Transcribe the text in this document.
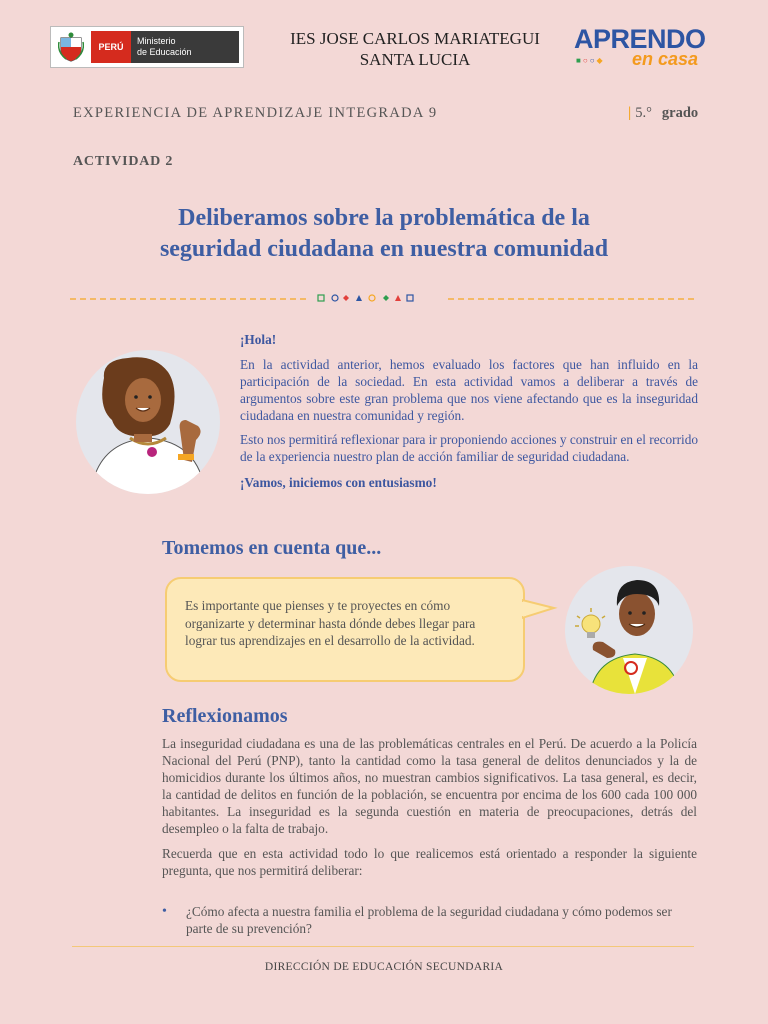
PERÚ
Ministerio
de Educación
IES JOSE CARLOS MARIATEGUI
SANTA LUCIA
APRENDO
■○○◆ en casa
EXPERIENCIA DE APRENDIZAJE INTEGRADA 9	| 5.° grado
ACTIVIDAD 2
Deliberamos sobre la problemática de la
seguridad ciudadana en nuestra comunidad

¡Hola!

En la actividad anterior, hemos evaluado los factores que han influido en la participación de la sociedad. En esta actividad vamos a deliberar a través de argumentos sobre este gran problema que nos viene afectando que es la inseguridad ciudadana en nuestra comunidad y región.

Esto nos permitirá reflexionar para ir proponiendo acciones y construir en el recorrido de la experiencia nuestro plan de acción familiar de seguridad ciudadana.

¡Vamos, iniciemos con entusiasmo!

Tomemos en cuenta que...
Es importante que pienses y te proyectes en cómo organizarte y determinar hasta dónde debes llegar para lograr tus aprendizajes en el desarrollo de la actividad.
Reflexionamos

La inseguridad ciudadana es una de las problemáticas centrales en el Perú. De acuerdo a la Policía Nacional del Perú (PNP), tanto la cantidad como la tasa general de delitos denunciados y la de homicidios durante los últimos años, no muestran cambios significativos. La tasa general, es decir, la cantidad de delitos en función de la población, se encuentra por encima de los 600 cada 100 000 habitantes. La inseguridad es la segunda cuestión en materia de preocupaciones, detrás del desempleo o la falta de trabajo.

Recuerda que en esta actividad todo lo que realicemos está orientado a responder la siguiente pregunta, que nos permitirá deliberar:

• ¿Cómo afecta a nuestra familia el problema de la seguridad ciudadana y cómo podemos ser parte de su prevención?
DIRECCIÓN DE EDUCACIÓN SECUNDARIA
